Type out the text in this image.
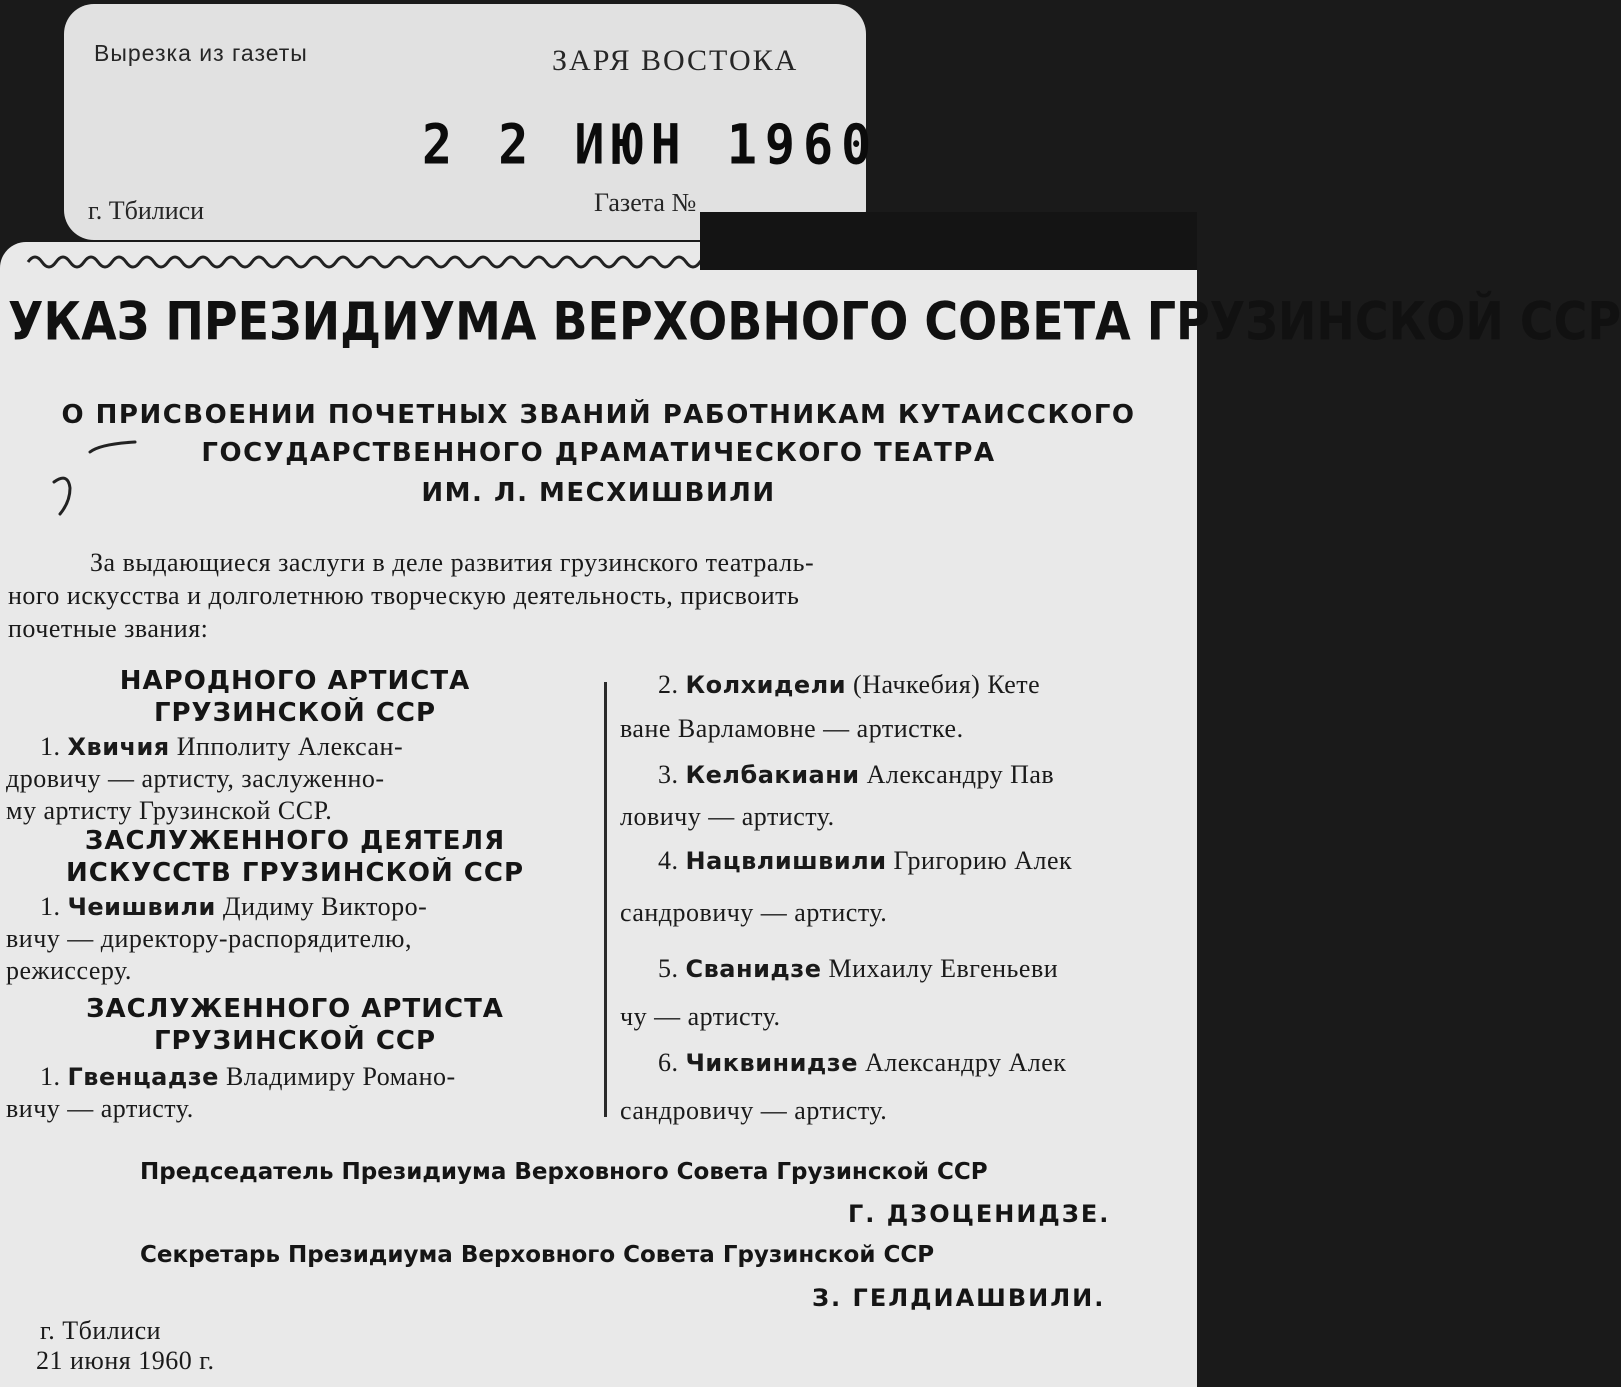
Вырезка из газеты	ЗАРЯ ВОСТОКА
2 2 ИЮН 1960
г. Тбилиси	Газета №
УКАЗ ПРЕЗИДИУМА ВЕРХОВНОГО СОВЕТА ГРУЗИНСКОЙ ССР
О ПРИСВОЕНИИ ПОЧЕТНЫХ ЗВАНИЙ РАБОТНИКАМ КУТАИССКОГО
ГОСУДАРСТВЕННОГО ДРАМАТИЧЕСКОГО ТЕАТРА
ИМ. Л. МЕСХИШВИЛИ
За выдающиеся заслуги в деле развития грузинского театраль-
ного искусства и долголетнюю творческую деятельность, присвоить
почетные звания:
НАРОДНОГО АРТИСТА
ГРУЗИНСКОЙ ССР
1. Хвичия Ипполиту Алексан-
дровичу — артисту, заслуженно-
му артисту Грузинской ССР.
ЗАСЛУЖЕННОГО ДЕЯТЕЛЯ
ИСКУССТВ ГРУЗИНСКОЙ ССР
1. Чеишвили Дидиму Викторо-
вичу — директору-распорядителю,
режиссеру.
ЗАСЛУЖЕННОГО АРТИСТА
ГРУЗИНСКОЙ ССР
1. Гвенцадзе Владимиру Романо-
вичу — артисту.
2. Колхидели (Начкебия) Кете
ване Варламовне — артистке.
3. Келбакиани Александру Пав
ловичу — артисту.
4. Нацвлишвили Григорию Алек
сандровичу — артисту.
5. Сванидзе Михаилу Евгеньеви
чу — артисту.
6. Чиквинидзе Александру Алек
сандровичу — артисту.
Председатель Президиума Верховного Совета Грузинской ССР
Г. ДЗОЦЕНИДЗЕ.
Секретарь Президиума Верховного Совета Грузинской ССР
З. ГЕЛДИАШВИЛИ.
г. Тбилиси
21 июня 1960 г.
